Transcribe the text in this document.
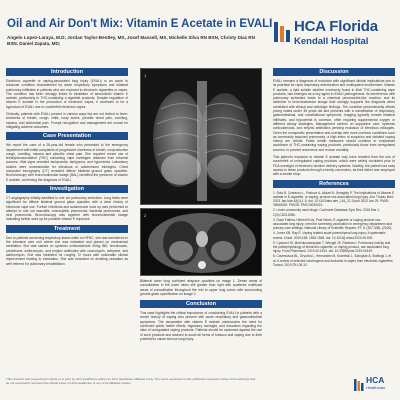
Oil and Air Don't Mix: Vitamin E Acetate in EVALI
Angelo Lopez-Laraya, M.D; Jordan Taylor-Bentley, MS, Josef Massell, MS, Michelle Silva RN BSN, Christy Diaz RN BSN, Daniel Zapata, MD;
HCA Florida
Kendall Hospital
Introduction
Electronic cigarette or vaping-associated lung injury (EVALI) is an acute to subacute condition characterized by acute respiratory symptoms and bilateral pulmonary infiltrates in patients who are exposed to electronic cigarettes or vapes. The condition has been strongly linked to inhalation of aerosolized vitamin E acetate, particularly in THC-containing e-cigarette products. Despite regulation of vitamin E acetate in the production of electronic vapes, it continues to be a byproduct of EVALI due to counterfeit electronic vapes.
Clinically, patients with EVALI present in various ways but are not limited to fever, shortness of breath, cough, chills, body aches, pleuritic chest pain, vomiting, nausea, and abdominal pain. Prompt recognition and management are crucial for mitigating adverse outcomes.
Case Presentation
We report the case of a 28-year-old female who presented to the emergency department with initial complaints of progressive shortness of breath, nonproductive cough, vomiting, nausea and pleuritic chest pain. She reported recent use of tetrahydrocannabinol (THC) containing vape cartridges obtained from informal sources. Vital signs revealed tachycardia, tachypnea, and hypoxemia. Laboratory studies were unremarkable for infectious or autoimmune etiologies. Chest computed tomography (CT) revealed diffuse bilateral ground glass opacities. Bronchoscopy with bronchoalveolar lavage (BAL) identified the presence of vitamin E acetate, confirming the diagnosis of EVALI.
Investigation
CT angiography initially admitted to rule out pulmonary embolism. Lung fields were significant for diffuse bilateral ground glass opacities with a clear history of electronic vape use. Further infectious and autoimmune work up was performed to attempt to rule out vasculitis, eosinophilic pneumonia, bacterial pneumonia, and viral pneumonia. Bronchoscopy was together with bronchoalveolar lavage indicating further work up for possible vitamin E exposure.
Treatment
Due to patients worsening respiratory status while on HFNC, she was transferred to the intensive care unit where she was intubated and placed on mechanical ventilation. She was started on systemic corticosteroids 40mg IBD, levofloxacin, prednisone, azithromycin, and empiric antibiotics with vancomycin, cefepime, and azithromycin. She was intubated for roughly 72 hours with noticeable clinical improvement leading to extubation. She was educated on avoiding cessation as well referred for pulmonary rehabilitation.
1
2
Bilateral lower lung confluent airspace opacities on image 1. Dense areas of consolidation in the lower lobes still greater than right with scattered multifocal areas of consolidation throughout the mid to upper lung zones with surrounding ground-glass opacification on image 2.
Conclusion
This case highlights the critical importance of considering EVALI in patients with a recent history of vaping who present with acute respiratory and gastrointestinal symptoms. The association with vitamin E acetate underscores the need for continued public health efforts, regulatory oversight, and education regarding the risks of unregulated vaping products. Patients should be cautioned against the use of such products and advised to avoid all forms of tobacco and vaping due to their potential to cause serious lung injury.
Discussion
EVALI remains a diagnosis of exclusion with significant clinical implications due to its potential for rapid respiratory deterioration and multisystem involvement. Vitamin E acetate, a lipid soluble additive commonly found in illicit THC-containing vape products, has emerged as a key agent in EVALI pathogenesis. Its interference with pulmonary surfactant leads to a chemical pneumonitis-like reaction, and its detection in bronchoalveolar lavage fluid strongly supports the diagnosis when correlated with clinical and radiologic findings. The condition predominantly affects young males under 35 years old and presents with a constellation of respiratory, gastrointestinal, and constitutional symptoms. Imaging typically reveals bilateral infiltrates, and hypoxemia is common, often requiring supplemental oxygen or different airway strategies. Management centers on supportive care, systemic corticosteroids, and empiric antibiotics pending exclusion of infectious etiologies. Given the nonspecific presentation and overlap with more common conditions such as community acquired pneumonia, a high index of suspicion and detailed vaping history are critical. Public health measures should continue to emphasize avoidance of THC-containing vaping products, particularly those from unregulated sources, to prevent recurrence and reduce mortality.
This patient's exposure to vitamin E acetate may have resulted from the use of counterfeit or unregulated vaping products, which were widely circulated prior to FDA oversight of electronic nicotine delivery systems. Notably, the patient had easy access to these products through a family connection, as their father was employed with a smoke shop.
References
1. Soto B, Costanzo L, Puskoor A, Akkari N, Geraghty P. The implications of Vitamin E acetate in E-cigarette, or vaping, product use-associated lung injury. Ann Thorac Med. 2023 Jan-Mar;18(1):1-9. doi: 10.4103/atm.atm_144_22. Epub 2023 Jan 25. PMID: 36968330; PMCID: PMC10034021.
2. Lewis community used drugs. Cochrane Database Syst Rev. 2016 Mar 1. 2(3):CD012085.
3. Dave Fatima, Hibbert Eros, Post Harris. E-cigarette or vaping product use-associated lung injury: need for screening vaccination in emergency department and primary care settings. National Library of Scientific Reports, FF. 8. (307-308). (2020).
4. Jones KB, Ray E. Vaping related acute parenchymal lung injury: A systematic review. Chest. 2020;158: 1555-1565. doi: 10.1016/j.chest.2020.05.592.
5. Cyanan HS, Muthukumarappan T, Wengel JS, Rahman I. Pulmonary toxicity and the pathophysiology of electronic cigarette, or vaping product, use associated lung injury. Front Pharmacol. 2019;10:1619. doi: 10.3389/fphar.2019.01619.
6. Caversosca BL, Gryczka L, Hernandez M, Kozrelski L, Sabopiak A, Stallings J, et al. A review of selected carcinogens and toxicants in vapes from electronic cigarettes. Toxicol. 2019;79:105-10.
This research was supported (in whole or in part) by HCA Healthcare and/or an HCA Healthcare affiliated entity. The views expressed in this publication represent those of the author(s) and do not necessarily represent the official views of HCA Healthcare or any of its affiliated entities.	HCA
Healthcare
